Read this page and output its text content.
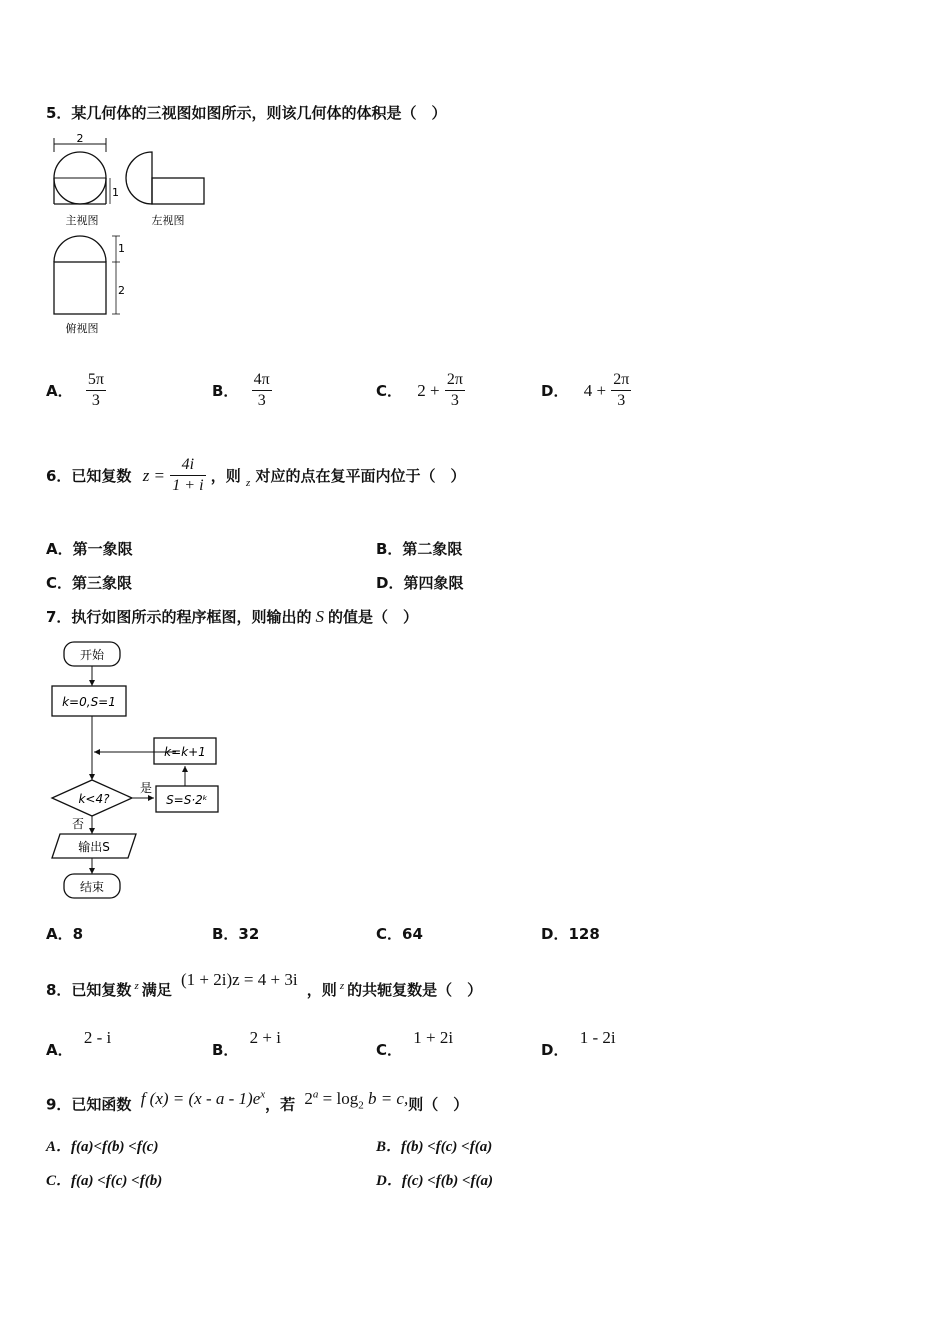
5．某几何体的三视图如图所示，则该几何体的体积是（　）
2
1
主视图	左视图
1
2
俯视图
A． $\frac{5\pi}{3}$	B． $\frac{4\pi}{3}$	C． $2 + \frac{2\pi}{3}$	D． $4 + \frac{2\pi}{3}$
6．已知复数 $z = \frac{4i}{1 + i}$ ，则 $_z$ 对应的点在复平面内位于（　）
A．第一象限	B．第二象限
C．第三象限	D．第四象限
7．执行如图所示的程序框图，则输出的 S 的值是（　）
开始
k=0,S=1
k=k+1
k<4?
是
S=S·2ᵏ
否
输出S
结束
A．8	B．32	C．64	D．128
8．已知复数 $^z$ 满足 (1 + 2i)z = 4 + 3i ，则 $^z$ 的共轭复数是（　）
A． 2 - i
B． 2 + i
C． 1 + 2i
D． 1 - 2i
9．已知函数 f $(x) = (x - a - 1)e^x$，若 $2^a = \log_2 b = c$,则（　）
A．f(a)<f(b) <f(c)	B．f(b) <f(c) <f(a)
C．f(a) <f(c) <f(b)	D．f(c) <f(b) <f(a)
